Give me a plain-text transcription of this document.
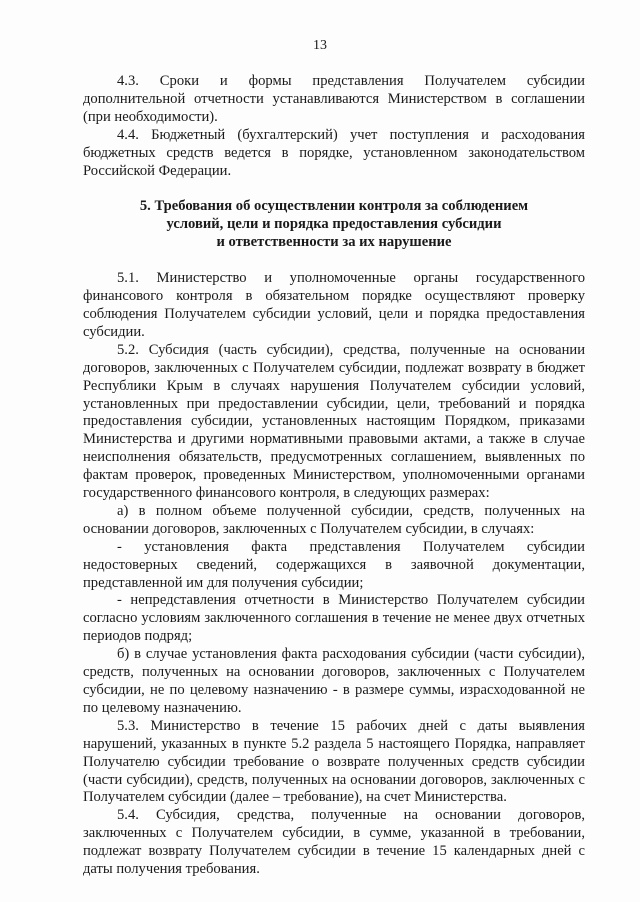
13

4.3. Сроки и формы представления Получателем субсидии дополнительной отчетности устанавливаются Министерством в соглашении (при необходимости).

4.4. Бюджетный (бухгалтерский) учет поступления и расходования бюджетных средств ведется в порядке, установленном законодательством Российской Федерации.

5. Требования об осуществлении контроля за соблюдением
условий, цели и порядка предоставления субсидии
и ответственности за их нарушение

5.1. Министерство и уполномоченные органы государственного финансового контроля в обязательном порядке осуществляют проверку соблюдения Получателем субсидии условий, цели и порядка предоставления субсидии.

5.2. Субсидия (часть субсидии), средства, полученные на основании договоров, заключенных с Получателем субсидии, подлежат возврату в бюджет Республики Крым в случаях нарушения Получателем субсидии условий, установленных при предоставлении субсидии, цели, требований и порядка предоставления субсидии, установленных настоящим Порядком, приказами Министерства и другими нормативными правовыми актами, а также в случае неисполнения обязательств, предусмотренных соглашением, выявленных по фактам проверок, проведенных Министерством, уполномоченными органами государственного финансового контроля, в следующих размерах:

а) в полном объеме полученной субсидии, средств, полученных на основании договоров, заключенных с Получателем субсидии, в случаях:

- установления факта представления Получателем субсидии недостоверных сведений, содержащихся в заявочной документации, представленной им для получения субсидии;

- непредставления отчетности в Министерство Получателем субсидии согласно условиям заключенного соглашения в течение не менее двух отчетных периодов подряд;

б) в случае установления факта расходования субсидии (части субсидии), средств, полученных на основании договоров, заключенных с Получателем субсидии, не по целевому назначению - в размере суммы, израсходованной не по целевому назначению.

5.3. Министерство в течение 15 рабочих дней с даты выявления нарушений, указанных в пункте 5.2 раздела 5 настоящего Порядка, направляет Получателю субсидии требование о возврате полученных средств субсидии (части субсидии), средств, полученных на основании договоров, заключенных с Получателем субсидии (далее – требование), на счет Министерства.

5.4. Субсидия, средства, полученные на основании договоров, заключенных с Получателем субсидии, в сумме, указанной в требовании, подлежат возврату Получателем субсидии в течение 15 календарных дней с даты получения требования.
